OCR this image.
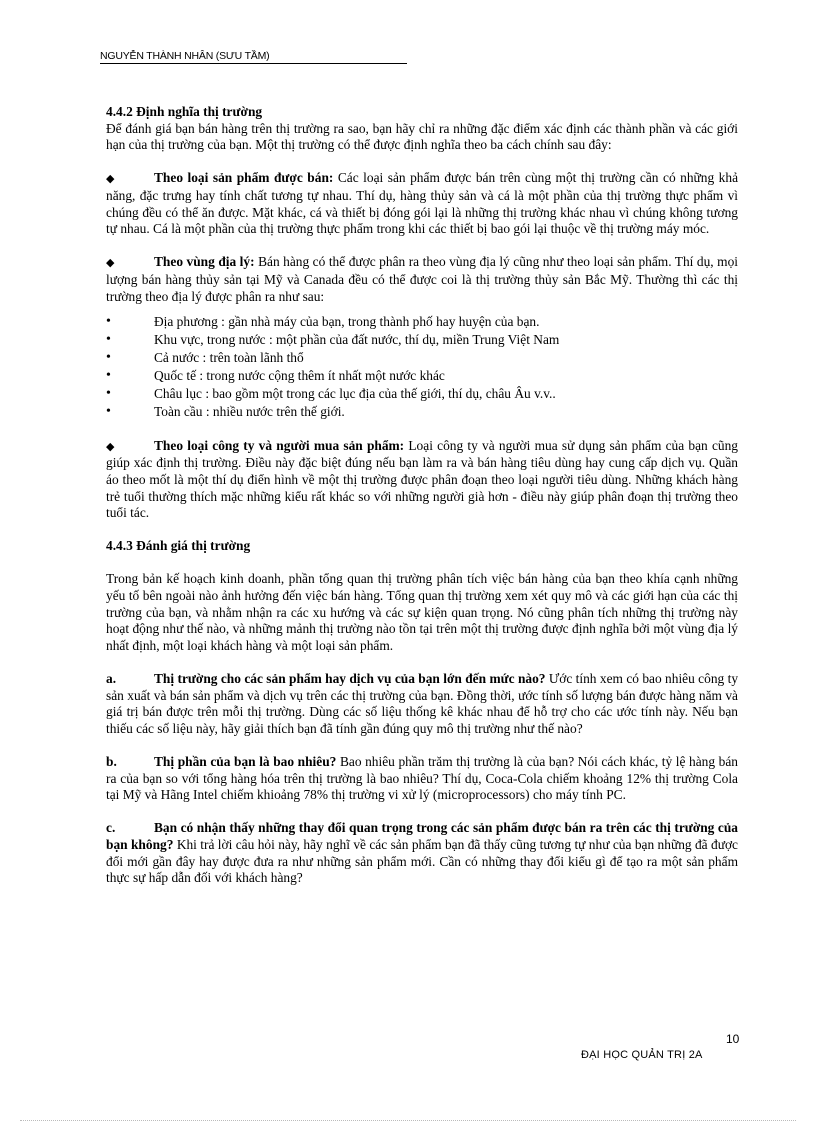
NGUYỄN THÀNH NHÂN (SƯU TẦM)
4.4.2 Định nghĩa thị trường

Để đánh giá bạn bán hàng trên thị trường ra sao, bạn hãy chỉ ra những đặc điểm xác định các thành phần và các giới hạn của thị trường của bạn. Một thị trường có thể được định nghĩa theo ba cách chính sau đây:

◆	Theo loại sản phẩm được bán: Các loại sản phẩm được bán trên cùng một thị trường cần có những khả năng, đặc trưng hay tính chất tương tự nhau. Thí dụ, hàng thủy sản và cá là một phần của thị trường thực phẩm vì chúng đều có thể ăn được. Mặt khác, cá và thiết bị đóng gói lại là những thị trường khác nhau vì chúng không tương tự nhau. Cá là một phần của thị trường thực phẩm trong khi các thiết bị bao gói lại thuộc về thị trường máy móc.

◆	Theo vùng địa lý: Bán hàng có thể được phân ra theo vùng địa lý cũng như theo loại sản phẩm. Thí dụ, mọi lượng bán hàng thủy sản tại Mỹ và Canada đều có thể được coi là thị trường thủy sản Bắc Mỹ. Thường thì các thị trường theo địa lý được phân ra như sau:

• Địa phương : gần nhà máy của bạn, trong thành phố hay huyện của bạn.
• Khu vực, trong nước : một phần của đất nước, thí dụ, miền Trung Việt Nam
• Cả nước : trên toàn lãnh thổ
• Quốc tế : trong nước cộng thêm ít nhất một nước khác
• Châu lục : bao gồm một trong các lục địa của thế giới, thí dụ, châu Âu v.v..
• Toàn cầu : nhiều nước trên thế giới.

◆	Theo loại công ty và người mua sản phẩm: Loại công ty và người mua sử dụng sản phẩm của bạn cũng giúp xác định thị trường. Điều này đặc biệt đúng nếu bạn làm ra và bán hàng tiêu dùng hay cung cấp dịch vụ. Quần áo theo mốt là một thí dụ điển hình về một thị trường được phân đoạn theo loại người tiêu dùng. Những khách hàng trẻ tuổi thường thích mặc những kiểu rất khác so với những người già hơn - điều này giúp phân đoạn thị trường theo tuổi tác.

4.4.3 Đánh giá thị trường

Trong bản kế hoạch kinh doanh, phần tổng quan thị trường phân tích việc bán hàng của bạn theo khía cạnh những yếu tố bên ngoài nào ảnh hưởng đến việc bán hàng. Tổng quan thị trường xem xét quy mô và các giới hạn của các thị trường của bạn, và nhằm nhận ra các xu hướng và các sự kiện quan trọng. Nó cũng phân tích những thị trường này hoạt động như thế nào, và những mảnh thị trường nào tồn tại trên một thị trường được định nghĩa bởi một vùng địa lý nhất định, một loại khách hàng và một loại sản phẩm.

a.	Thị trường cho các sản phẩm hay dịch vụ của bạn lớn đến mức nào? Ước tính xem có bao nhiêu công ty sản xuất và bán sản phẩm và dịch vụ trên các thị trường của bạn. Đồng thời, ước tính số lượng bán được hàng năm và giá trị bán được trên mỗi thị trường. Dùng các số liệu thống kê khác nhau để hỗ trợ cho các ước tính này. Nếu bạn thiếu các số liệu này, hãy giải thích bạn đã tính gần đúng quy mô thị trường như thế nào?

b.	Thị phần của bạn là bao nhiêu? Bao nhiêu phần trăm thị trường là của bạn? Nói cách khác, tỷ lệ hàng bán ra của bạn so với tổng hàng hóa trên thị trường là bao nhiêu? Thí dụ, Coca-Cola chiếm khoảng 12% thị trường Cola tại Mỹ và Hãng Intel chiếm khioảng 78% thị trường vi xử lý (microprocessors) cho máy tính PC.

c.	Bạn có nhận thấy những thay đổi quan trọng trong các sản phẩm được bán ra trên các thị trường của bạn không? Khi trả lời câu hỏi này, hãy nghĩ về các sản phẩm bạn đã thấy cũng tương tự như của bạn những đã được đổi mới gần đây hay được đưa ra như những sản phẩm mới. Cần có những thay đổi kiểu gì để tạo ra một sản phẩm thực sự hấp dẫn đối với khách hàng?

10
ĐẠI HỌC QUẢN TRỊ 2A
